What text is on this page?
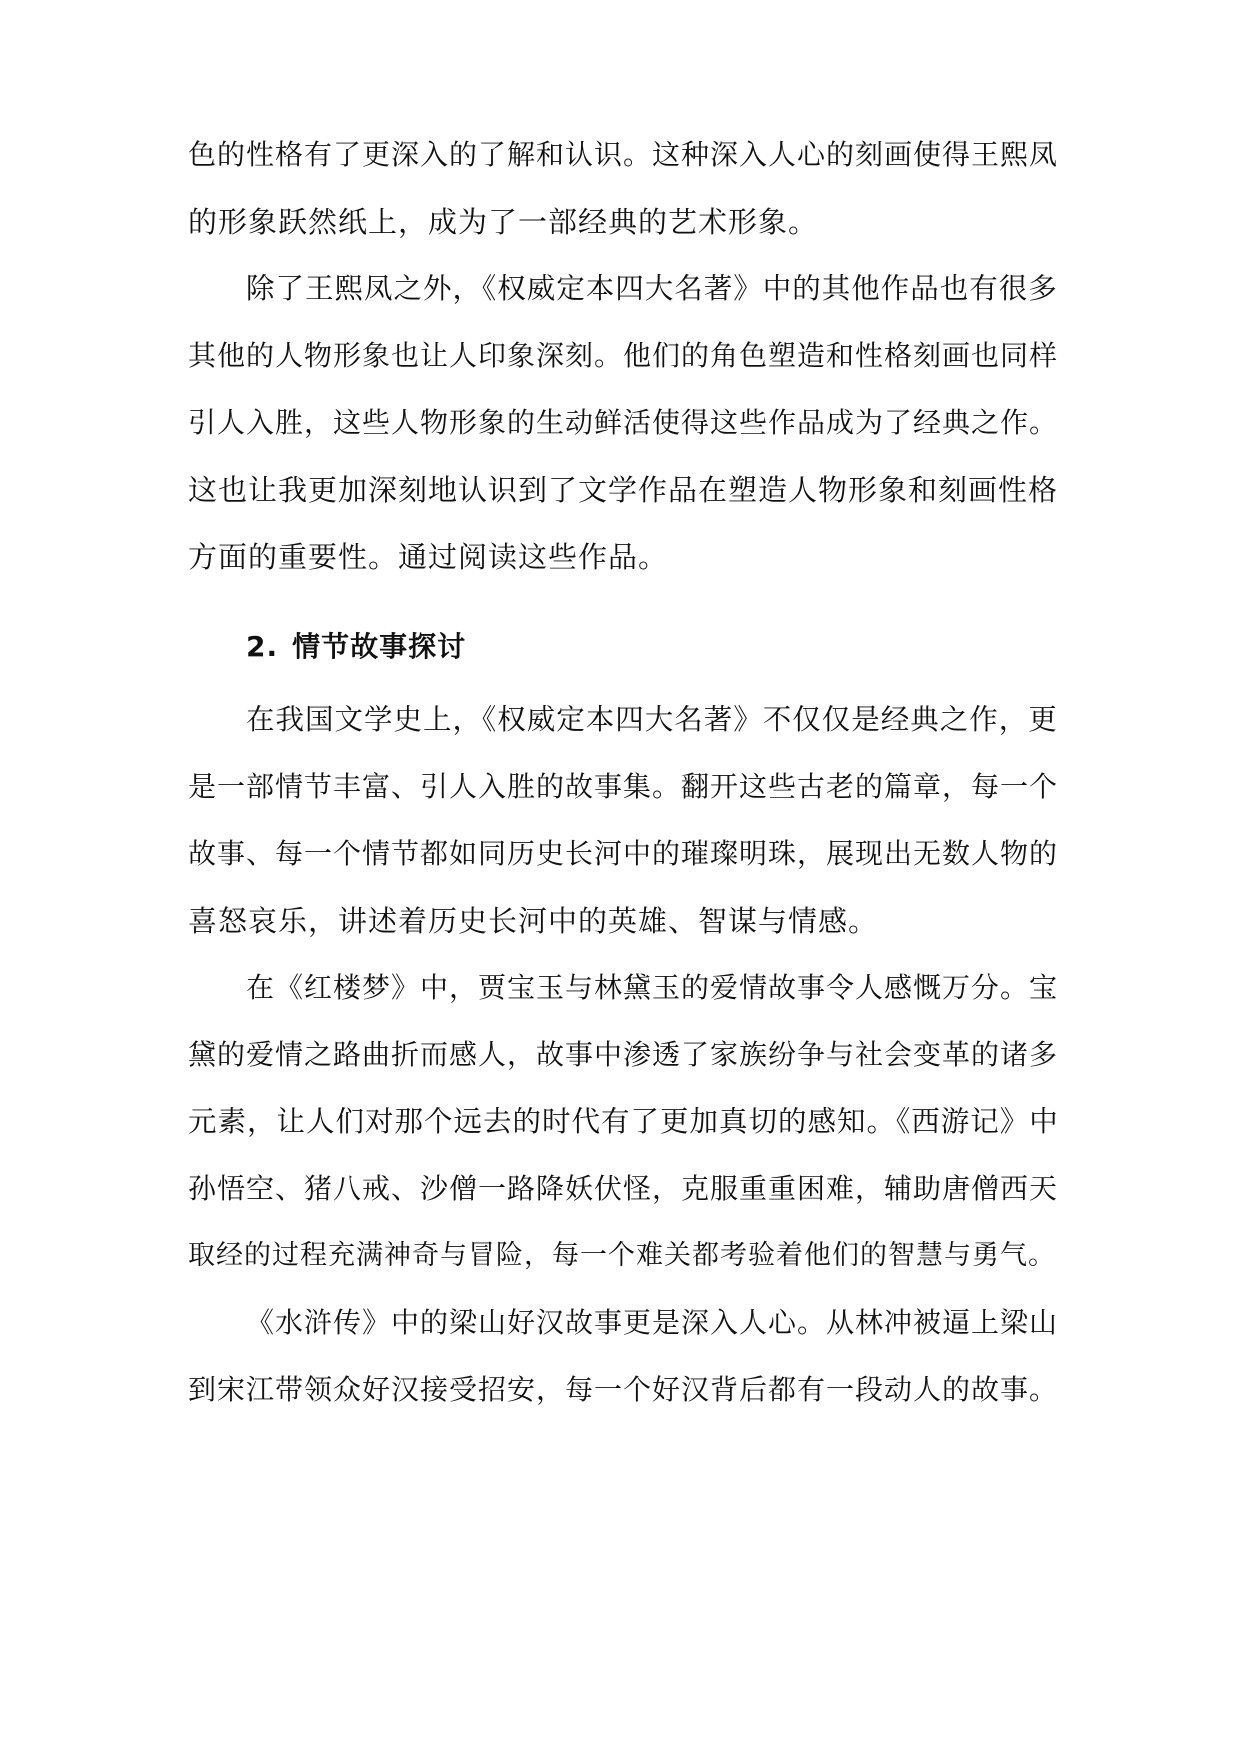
色的性格有了更深入的了解和认识。这种深入人心的刻画使得王熙凤
的形象跃然纸上，成为了一部经典的艺术形象。
除了王熙凤之外，《权威定本四大名著》中的其他作品也有很多
其他的人物形象也让人印象深刻。他们的角色塑造和性格刻画也同样
引人入胜，这些人物形象的生动鲜活使得这些作品成为了经典之作。
这也让我更加深刻地认识到了文学作品在塑造人物形象和刻画性格
方面的重要性。通过阅读这些作品。
2. 情节故事探讨
在我国文学史上，《权威定本四大名著》不仅仅是经典之作，更
是一部情节丰富、引人入胜的故事集。翻开这些古老的篇章，每一个
故事、每一个情节都如同历史长河中的璀璨明珠，展现出无数人物的
喜怒哀乐，讲述着历史长河中的英雄、智谋与情感。
在《红楼梦》中，贾宝玉与林黛玉的爱情故事令人感慨万分。宝
黛的爱情之路曲折而感人，故事中渗透了家族纷争与社会变革的诸多
元素，让人们对那个远去的时代有了更加真切的感知。《西游记》中
孙悟空、猪八戒、沙僧一路降妖伏怪，克服重重困难，辅助唐僧西天
取经的过程充满神奇与冒险，每一个难关都考验着他们的智慧与勇气。
《水浒传》中的梁山好汉故事更是深入人心。从林冲被逼上梁山
到宋江带领众好汉接受招安，每一个好汉背后都有一段动人的故事。
